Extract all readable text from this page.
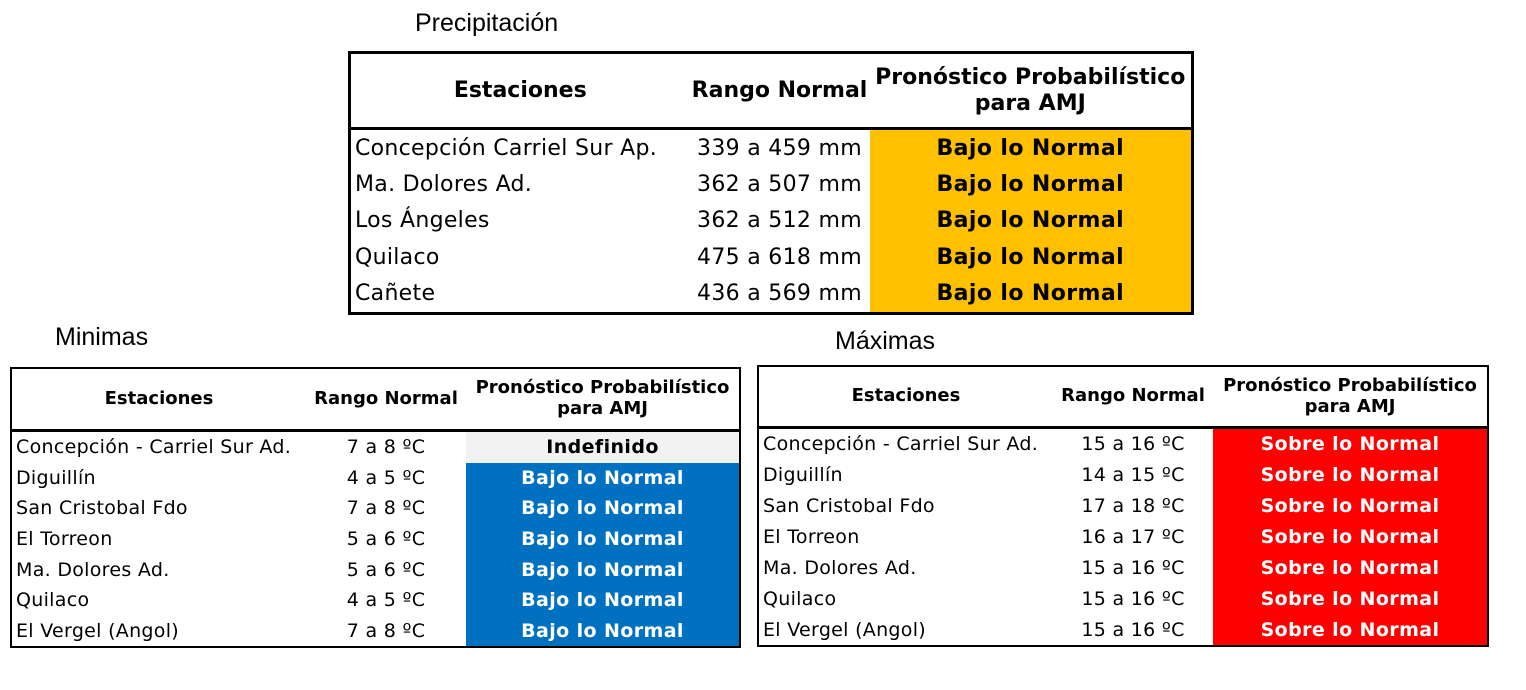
Precipitación
Minimas	Máximas
Estaciones	Rango Normal	Pronóstico Probabilístico
para AMJ
Concepción Carriel Sur Ap.	339 a 459 mm	Bajo lo Normal
Ma. Dolores Ad.	362 a 507 mm	Bajo lo Normal
Los Ángeles	362 a 512 mm	Bajo lo Normal
Quilaco	475 a 618 mm	Bajo lo Normal
Cañete	436 a 569 mm	Bajo lo Normal
Estaciones	Rango Normal	Pronóstico Probabilístico
para AMJ
Concepción - Carriel Sur Ad.	7 a 8 ºC	Indefinido
Diguillín	4 a 5 ºC	Bajo lo Normal
San Cristobal Fdo	7 a 8 ºC	Bajo lo Normal
El Torreon	5 a 6 ºC	Bajo lo Normal
Ma. Dolores Ad.	5 a 6 ºC	Bajo lo Normal
Quilaco	4 a 5 ºC	Bajo lo Normal
El Vergel (Angol)	7 a 8 ºC	Bajo lo Normal
Estaciones	Rango Normal	Pronóstico Probabilístico
para AMJ
Concepción - Carriel Sur Ad.	15 a 16 ºC	Sobre lo Normal
Diguillín	14 a 15 ºC	Sobre lo Normal
San Cristobal Fdo	17 a 18 ºC	Sobre lo Normal
El Torreon	16 a 17 ºC	Sobre lo Normal
Ma. Dolores Ad.	15 a 16 ºC	Sobre lo Normal
Quilaco	15 a 16 ºC	Sobre lo Normal
El Vergel (Angol)	15 a 16 ºC	Sobre lo Normal
